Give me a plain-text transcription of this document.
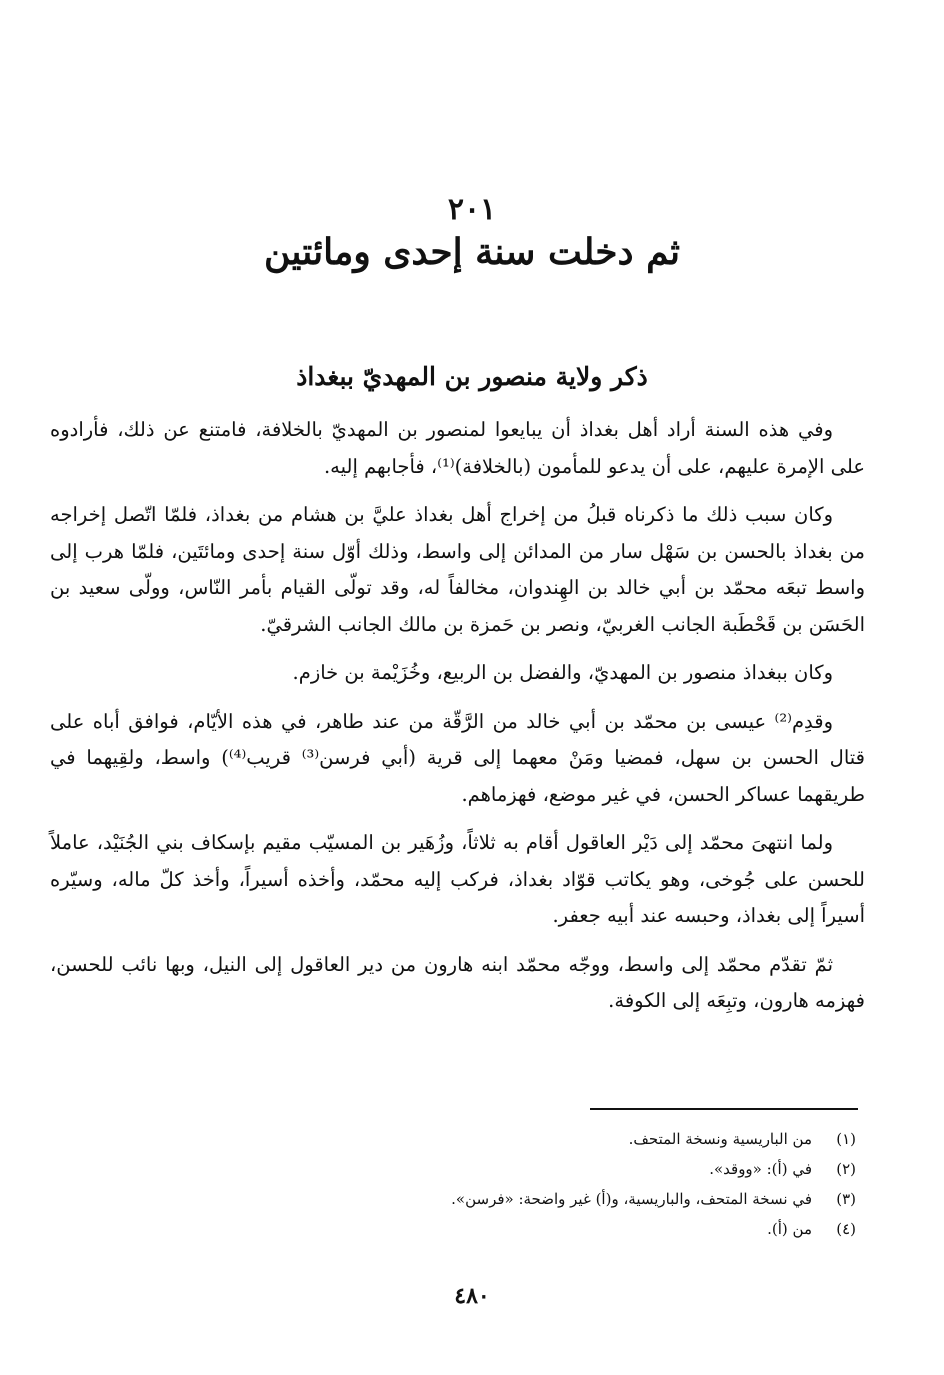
٢٠١
ثم دخلت سنة إحدى ومائتين
ذكر ولاية منصور بن المهديّ ببغداذ

وفي هذه السنة أراد أهل بغداذ أن يبايعوا لمنصور بن المهديّ بالخلافة، فامتنع عن ذلك، فأرادوه على الإمرة عليهم، على أن يدعو للمأمون (بالخلافة)⁽¹⁾، فأجابهم إليه.

وكان سبب ذلك ما ذكرناه قبلُ من إخراج أهل بغداذ عليَّ بن هشام من بغداذ، فلمّا اتّصل إخراجه من بغداذ بالحسن بن سَهْل سار من المدائن إلى واسط، وذلك أوّل سنة إحدى ومائتَين، فلمّا هرب إلى واسط تبعَه محمّد بن أبي خالد بن الهِندوان، مخالفاً له، وقد تولّى القيام بأمر النّاس، وولّى سعيد بن الحَسَن بن قَحْطَبة الجانب الغربيّ، ونصر بن حَمزة بن مالك الجانب الشرقيّ.

وكان ببغداذ منصور بن المهديّ، والفضل بن الربيع، وخُزَيْمة بن خازم.

وقدِم⁽²⁾ عيسى بن محمّد بن أبي خالد من الرَّقّة من عند طاهر، في هذه الأيّام، فوافق أباه على قتال الحسن بن سهل، فمضيا ومَنْ معهما إلى قرية (أبي فرسن⁽³⁾ قريب⁽⁴⁾) واسط، ولقِيهما في طريقهما عساكر الحسن، في غير موضع، فهزماهم.

ولما انتهىَ محمّد إلى دَيْر العاقول أقام به ثلاثاً، وزُهَير بن المسيّب مقيم بإسكاف بني الجُنَيْد، عاملاً للحسن على جُوخى، وهو يكاتب قوّاد بغداذ، فركب إليه محمّد، وأخذه أسيراً، وأخذ كلّ ماله، وسيّره أسيراً إلى بغداذ، وحبسه عند أبيه جعفر.

ثمّ تقدّم محمّد إلى واسط، ووجّه محمّد ابنه هارون من دير العاقول إلى النيل، وبها نائب للحسن، فهزمه هارون، وتبِعَه إلى الكوفة.

(١)
من الباريسية ونسخة المتحف.
(٢)
في (أ): «ووقد».
(٣)
في نسخة المتحف، والباريسية، و(أ) غير واضحة: «فرسن».
(٤)
من (أ).
٤٨٠
